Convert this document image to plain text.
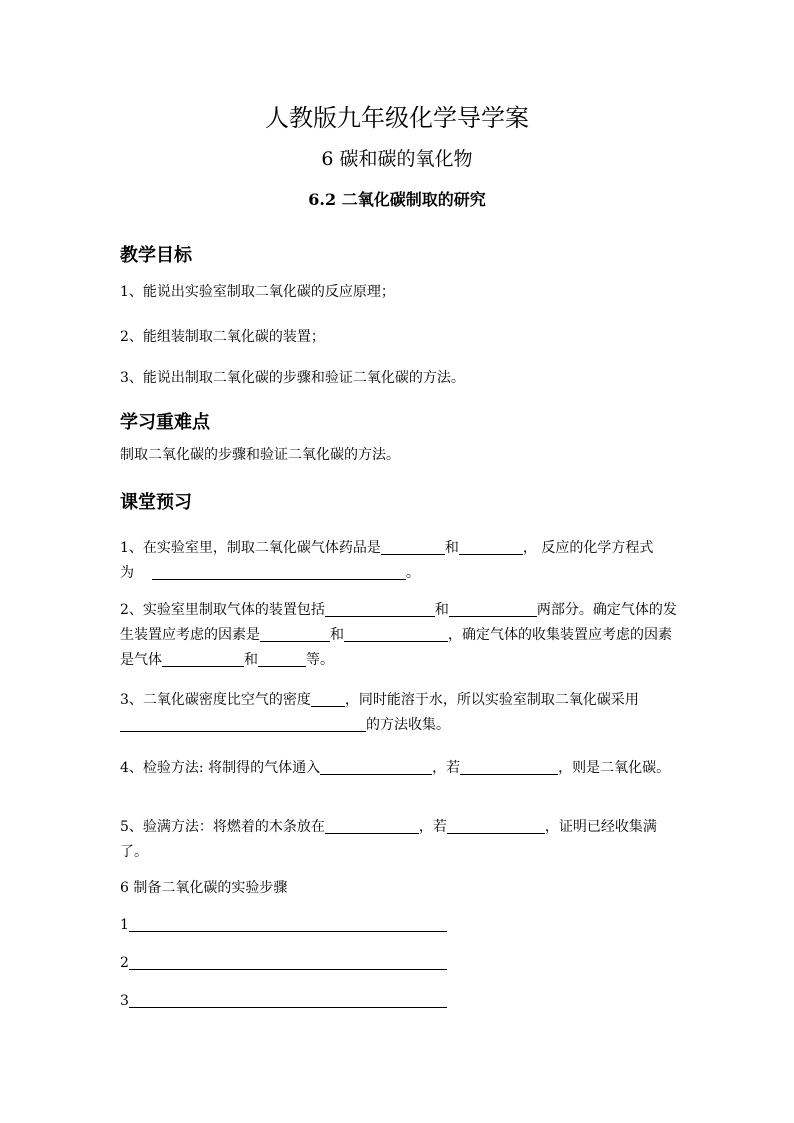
人教版九年级化学导学案
6 碳和碳的氧化物
6.2 二氧化碳制取的研究
教学目标
1、能说出实验室制取二氧化碳的反应原理；
2、能组装制取二氧化碳的装置；
3、能说出制取二氧化碳的步骤和验证二氧化碳的方法。
学习重难点
制取二氧化碳的步骤和验证二氧化碳的方法。
课堂预习
1、在实验室里，制取二氧化碳气体药品是	和	， 反应的化学方程式为	。
2、实验室里制取气体的装置包括	和	两部分。确定气体的发生装置应考虑的因素是	和	，确定气体的收集装置应考虑的因素是气体	和	等。
3、二氧化碳密度比空气的密度 ，同时能溶于水，所以实验室制取二氧化碳采用的方法收集。
4、检验方法: 将制得的气体通入	，若	，则是二氧化碳。
5、验满方法：将燃着的木条放在	，若	，证明已经收集满了。
6 制备二氧化碳的实验步骤
1
2
3
